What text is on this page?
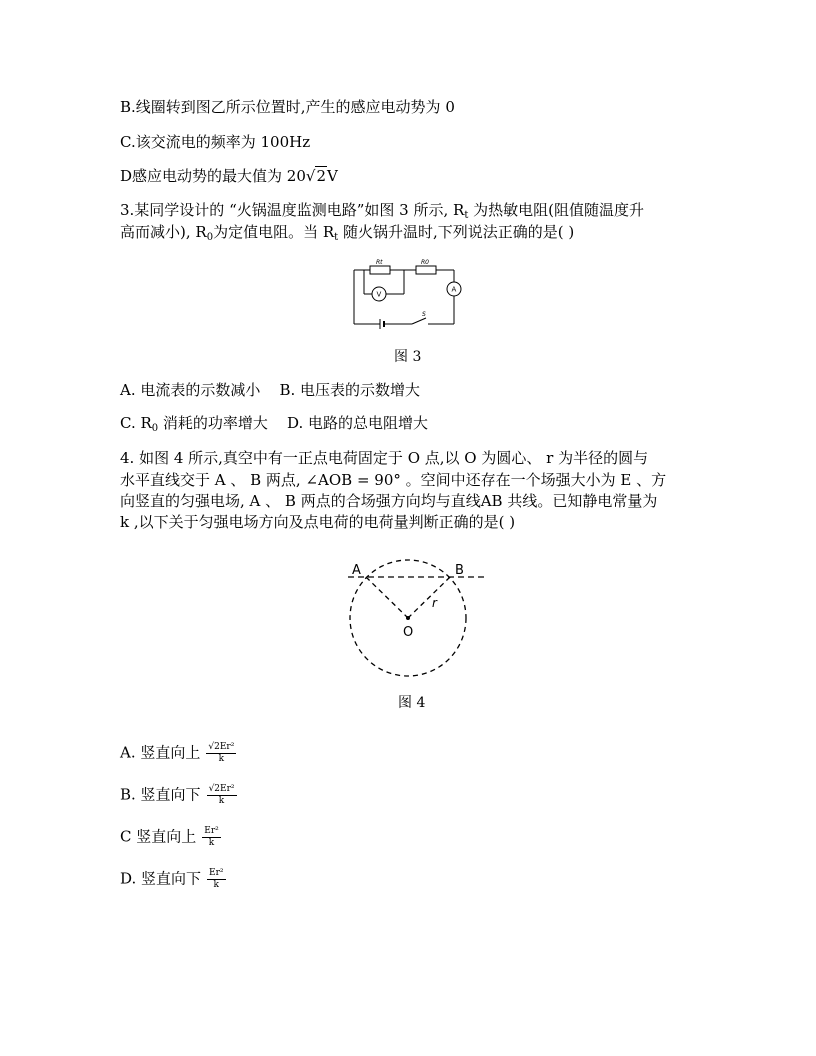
B.线圈转到图乙所示位置时,产生的感应电动势为 0
C.该交流电的频率为 100Hz
D感应电动势的最大值为 20√2V
3.某同学设计的 “火锅温度监测电路”如图 3 所示, $R_t$ 为热敏电阻(阻值随温度升
高而减小), $R_0$为定值电阻。当 $R_t$ 随火锅升温时,下列说法正确的是( )
Rt	R0
V
A
S
图 3
A. 电流表的示数减小 B. 电压表的示数增大
C. $R_0$ 消耗的功率增大 D. 电路的总电阻增大
4. 如图 4 所示,真空中有一正点电荷固定于 O 点,以 O 为圆心、 r 为半径的圆与
水平直线交于 A 、 B 两点, ∠AOB = 90° 。空间中还存在一个场强大小为 E 、方
向竖直的匀强电场, A 、 B 两点的合场强方向均与直线AB 共线。已知静电常量为
k ,以下关于匀强电场方向及点电荷的电荷量判断正确的是( )
A	B
O
r
图 4
A. 竖直向上 $\frac{\text{√2Er²}}{k}$
B. 竖直向下 $\frac{\text{√2Er²}}{k}$
C 竖直向上 $\frac{\text{Er²}}{k}$
D. 竖直向下 $\frac{\text{Er²}}{k}$
